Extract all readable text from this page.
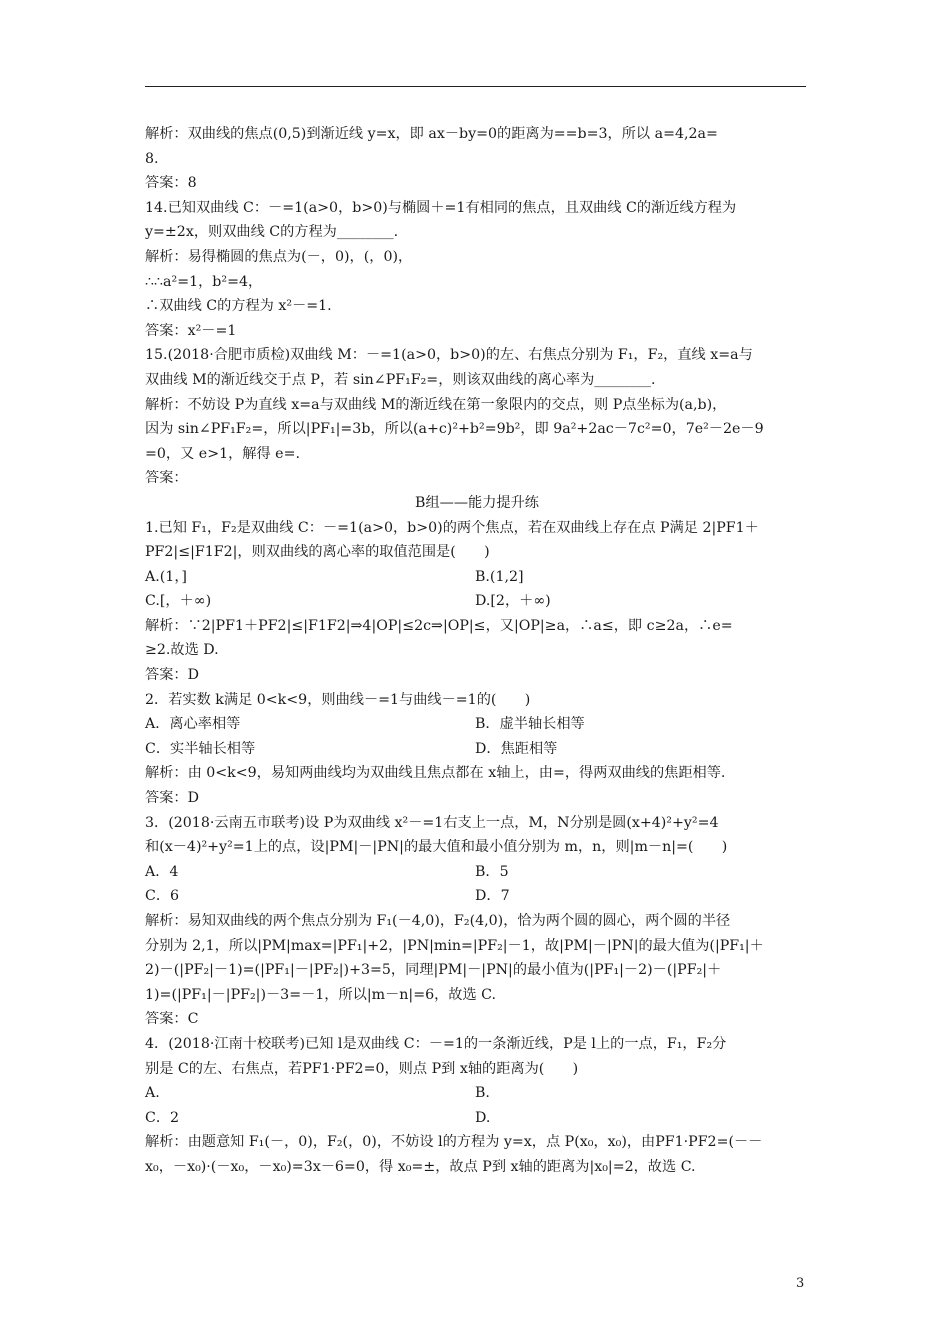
解析：双曲线的焦点(0,5)到渐近线 y=x，即 ax－by=0的距离为==b=3，所以 a=4,2a=
8.
答案：8
14.已知双曲线 C：－=1(a>0，b>0)与椭圆＋=1有相同的焦点，且双曲线 C的渐近线方程为
y=±2x，则双曲线 C的方程为________.
解析：易得椭圆的焦点为(－，0)，(，0)，
∴∴a²=1，b²=4，
∴双曲线 C的方程为 x²－=1.
答案：x²－=1
15.(2018·合肥市质检)双曲线 M：－=1(a>0，b>0)的左、右焦点分别为 F₁，F₂，直线 x=a与
双曲线 M的渐近线交于点 P，若 sin∠PF₁F₂=，则该双曲线的离心率为________.
解析：不妨设 P为直线 x=a与双曲线 M的渐近线在第一象限内的交点，则 P点坐标为(a,b)，
因为 sin∠PF₁F₂=，所以|PF₁|=3b，所以(a+c)²+b²=9b²，即 9a²+2ac－7c²=0，7e²－2e－9
=0，又 e>1，解得 e=.
答案：
B组——能力提升练
1.已知 F₁，F₂是双曲线 C：－=1(a>0，b>0)的两个焦点，若在双曲线上存在点 P满足 2|PF1＋
PF2|≤|F1F2|，则双曲线的离心率的取值范围是(　　)
A.(1，]	B.(1,2]
C.[，＋∞)	D.[2，＋∞)
解析：∵2|PF1＋PF2|≤|F1F2|⇒4|OP|≤2c⇒|OP|≤，又|OP|≥a，∴a≤，即 c≥2a，∴e=
≥2.故选 D.
答案：D
2．若实数 k满足 0<k<9，则曲线－=1与曲线－=1的(　　)
A．离心率相等	B．虚半轴长相等
C．实半轴长相等	D．焦距相等
解析：由 0<k<9，易知两曲线均为双曲线且焦点都在 x轴上，由=，得两双曲线的焦距相等.
答案：D
3．(2018·云南五市联考)设 P为双曲线 x²－=1右支上一点，M，N分别是圆(x+4)²+y²=4
和(x－4)²+y²=1上的点，设|PM|－|PN|的最大值和最小值分别为 m，n，则|m－n|=(　　)
A．4	B．5
C．6	D．7
解析：易知双曲线的两个焦点分别为 F₁(－4,0)，F₂(4,0)，恰为两个圆的圆心，两个圆的半径
分别为 2,1，所以|PM|max=|PF₁|+2，|PN|min=|PF₂|－1，故|PM|－|PN|的最大值为(|PF₁|＋
2)－(|PF₂|－1)=(|PF₁|－|PF₂|)+3=5，同理|PM|－|PN|的最小值为(|PF₁|－2)－(|PF₂|＋
1)=(|PF₁|－|PF₂|)－3=－1，所以|m－n|=6，故选 C.
答案：C
4．(2018·江南十校联考)已知 l是双曲线 C：－=1的一条渐近线，P是 l上的一点，F₁，F₂分
别是 C的左、右焦点，若PF1·PF2=0，则点 P到 x轴的距离为(　　)
A.	B.
C．2	D.
解析：由题意知 F₁(－，0)，F₂(，0)，不妨设 l的方程为 y=x，点 P(x₀，x₀)，由PF1·PF2=(－－
x₀，－x₀)·(－x₀，－x₀)=3x－6=0，得 x₀=±，故点 P到 x轴的距离为|x₀|=2，故选 C.
3
